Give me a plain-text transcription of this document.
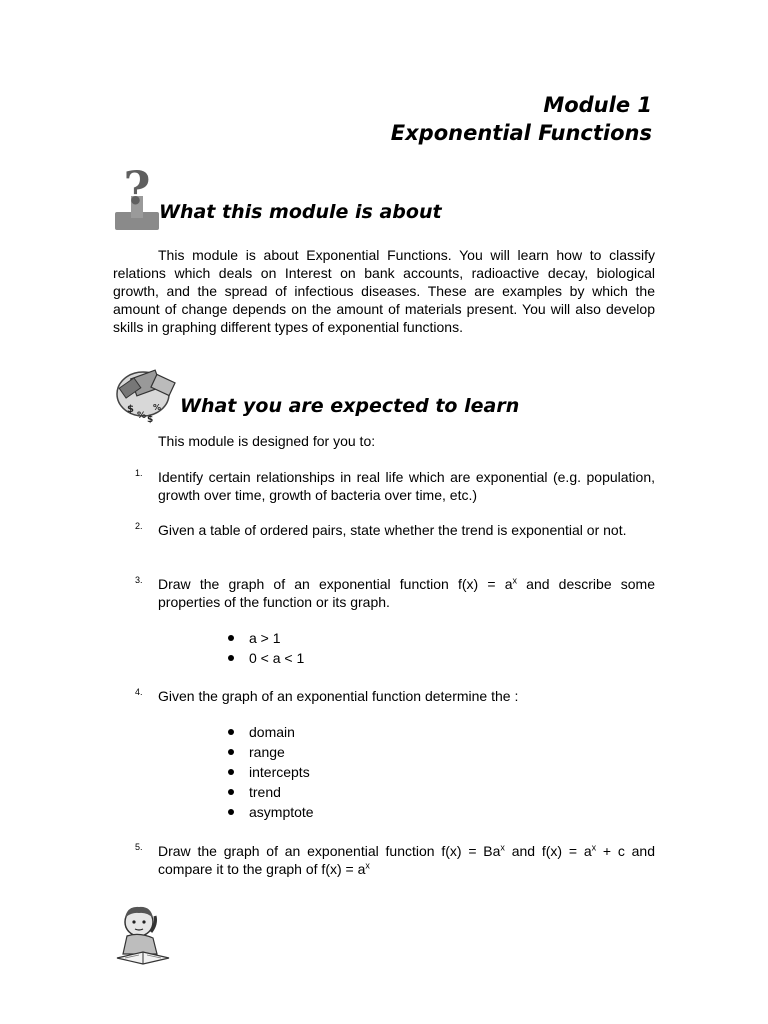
Module 1
Exponential Functions
? What this module is about
This module is about Exponential Functions. You will learn how to classify relations which deals on Interest on bank accounts, radioactive decay, biological growth, and the spread of infectious diseases. These are examples by which the amount of change depends on the amount of materials present. You will also develop skills in graphing different types of exponential functions.
$
% $
% What you are expected to learn
This module is designed for you to:
1. Identify certain relationships in real life which are exponential (e.g. population, growth over time, growth of bacteria over time, etc.)
2. Given a table of ordered pairs, state whether the trend is exponential or not.
3. Draw the graph of an exponential function $f(x) = a^x$ and describe some properties of the function or its graph.
a > 1
0 < a < 1
4. Given the graph of an exponential function determine the :
domain
range
intercepts
trend
asymptote
5. Draw the graph of an exponential function $f(x) = Ba^x$ and $f(x) = a^x + c$ and compare it to the graph of $f(x) = a^x$
